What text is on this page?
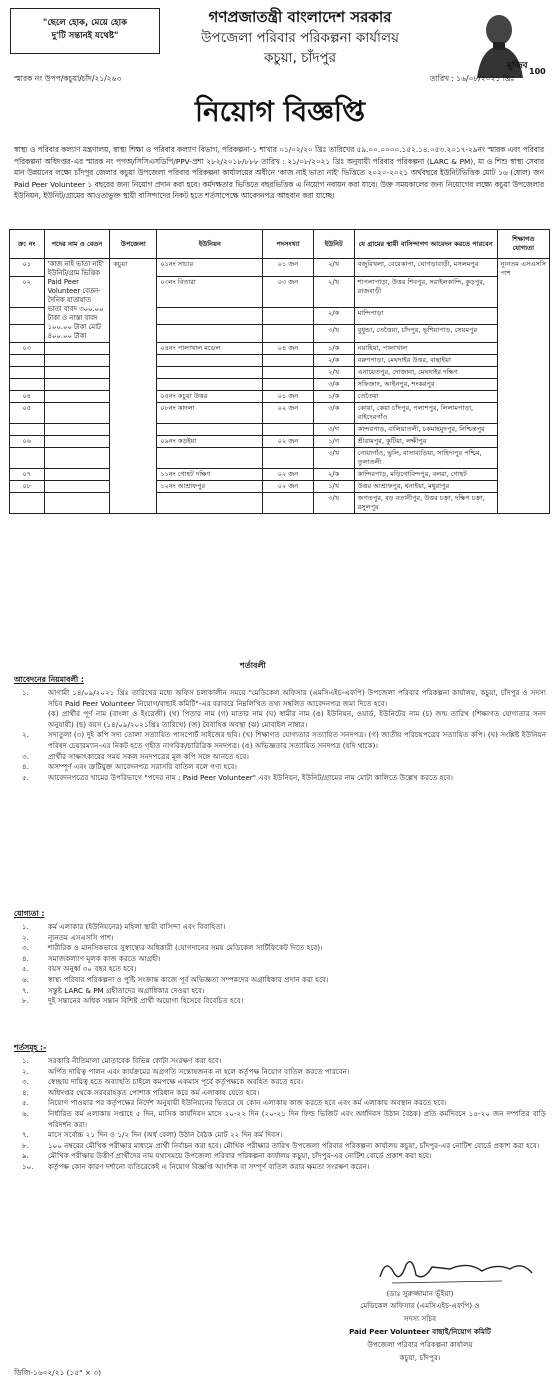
"ছেলে হোক, মেয়ে হোক
দু'টি সন্তানই যথেষ্ট"
গণপ্রজাতন্ত্রী বাংলাদেশ সরকার
উপজেলা পরিবার পরিকল্পনা কার্যালয়
কচুয়া, চাঁদপুর	মুজিব
100
স্মারক নং উপপ/কচুয়া/চাঁদ/২১/২৬৩	তারিখ : ১৬/০৮/২০২১ খ্রিঃ
নিয়োগ বিজ্ঞপ্তি
স্বাস্থ্য ও পরিবার কল্যাণ মন্ত্রণালয়, স্বাস্থ্য শিক্ষা ও পরিবার কল্যাণ বিভাগ, পরিকল্পনা-১ শাখার ০১/০২/২০ খ্রিঃ তারিখের ৫৯.০০.০০০০.১৫২.১৪.০৫৩.২০১৭-২৯নং স্মারক এবং পরিবার পরিকল্পনা অধিদপ্তর-এর স্মারক নং পপঅ/সিসিএসডিপি/PPV-প্রশা ২৮২/২০১৮/৮৮৮ তারিখ : ২১/০৮/২০২১ খ্রিঃ অনুযায়ী পরিবার পরিকল্পনা (LARC & PM), মা ও শিশু স্বাস্থ্য সেবার মান উন্নয়নের লক্ষ্যে চাঁদপুর জেলার কচুয়া উপজেলা পরিবার পরিকল্পনা কার্যালয়ের অধীনে 'কাজ নাই ভাতা নাই' ভিত্তিতে ২০২০-২০২১ অর্থবছরে ইউনিটভিত্তিক মোট ১৬ (ষোল) জন Paid Peer Volunteer ১ বছরের জন্য নিয়োগ প্রদান করা হবে। কর্মদক্ষতার ভিত্তিতে বছরভিত্তিক এ নিয়োগ নবায়ন করা যাবে। উক্ত সময়কালের জন্য নিয়োগের লক্ষ্যে কচুয়া উপজেলার ইউনিয়ন, ইউনিট/গ্রামের আওতাভুক্ত স্থায়ী বাসিন্দাদের নিকট হতে শর্তসাপেক্ষে আবেদনপত্র আহবান করা যাচ্ছে।
ক্র: নং	পদের নাম ও বেতন	উপজেলা	ইউনিয়ন	পদসংখ্যা	ইউনিট	যে গ্রামের স্থায়ী বাসিন্দাগণ আবেদন করতে পারবেন	শিক্ষাগত যোগ্যতা
০১	'কাজ নাই ভাতা নাই' ইউনিট/গ্রাম ভিত্তিক Paid Peer Volunteer বেতন-দৈনিক যাতায়াত ভাতা বাবদ ৩০০.০০ টাকা ও নাস্তা বাবদ ১০০.০০ টাকা মোট ৪০০.০০ টাকা	কচুয়া	০১নং সাচার	০১ জন	২/খ	বজুরিখলা, বেরেকাপা, ঘোগড়াবাড়ী, মসলমপুর	ন্যূনতম এসএসসি পাশ
০২			০৩নং বিতারা	০৩ জন	২/খ	শাপলাপাড়া, উত্তর শিবপুর, সরাইলকান্দি, কুড়পুর, রাজবাড়ী	
					২/ক	মান্দিপাড়া	
					৩/খ	বুধুন্ডা, তেত্তৈয়া, চাঁদপুর, ভূশিয়াপাড়, সেয়মপুর	
০৩			০৪নং পালাখাল মডেল	০৪ জন	১/ক	নয়াহিয়া, পালাখাল	
					২/ক	বরুণপাড়া, মেঘদাইর উত্তর, বাছাইয়া	
					২/খ	এনায়েতপুর, দোজানা, মেঘদাইর দক্ষিণ	
					৩/ক	সফিজাদ, আইনপুর, শংকরপুর	
০৪			০৫নং কচুয়া উত্তর	০১ জন	১/ক	তেতৈয়া	
০৫			০৮নং কাদলা	০২ জন	৩/ক	কোয়া, কেয়া চাঁদপুর, পলাশপুর, লিলামপাড়া, বাইদেরগাঁও	
					৩/গ	কান্দরপাড়, বালিয়াতলী, চকমাহমুদপুর, নিশ্চিন্তপুর	
০৬			০৯নং কড়ইয়া	০২ জন	১/গ	শ্রীরামপুর, কুটিয়া, লক্ষীপুর	
					৩/খ	নোয়াগাঁও, ভুলি, বাসাবাড়িয়া, সাহিদাপুর পশ্চিম, তুলাতলী	
০৭			১১নং গোহট দক্ষিণ	০২ জন	২/ক	কান্দিরপাড়, মড়িগোবিন্দপুর, বলরা, গোহট	
০৮			১২নং আশ্রাফপুর	০২ জন	১/খ	উত্তর আশ্রাফপুর, ঘনাইয়া, মধুরাপুর	
					৩/খ	জগতপুর, বড় বতানীপুর, উত্তর চক্রা, দক্ষিণ চক্রা, রসুলপুর	
শর্তাবলী
আবেদনের নিয়মাবলী :
১.	আগামী ১৪/০৯/২০২১ খ্রিঃ তারিখের মধ্যে অফিস চলাকালীন সময়ে "মেডিকেল অফিসার (এমসিএইচ-এফপি) উপজেলা পরিবার পরিকল্পনা কার্যালয়, কচুয়া, চাঁদপুর ও সদস্য সচিব Paid Peer Volunteer নিয়োগ/বাছাই কমিটি"-এর বরাবরে নিম্নলিখিত তথ্য সম্বলিত আবেদনপত্র জমা দিতে হবে।
(ক) প্রার্থীর পূর্ণ নাম (বাংলা ও ইংরেজী) (খ) পিতার নাম (গ) মাতার নাম (ঘ) স্বামীর নাম (ঙ) ইউনিয়ন, ওয়ার্ড, ইউনিটের নাম (চ) জন্ম তারিখ (শিক্ষাগত যোগ্যতার সনদ অনুযায়ী) (ছ) বয়স (১৪/০৯/২০২১খ্রিঃ তারিখে) (জ) বৈবাহিক অবস্থা (ঝ) মোবাইল নাম্বার।
২.	সদ্যতুলা (৩) দুই কপি সদ্য তোলা সত্যায়িত পাসপোর্ট সাইজের ছবি। (খ) শিক্ষাগত যোগ্যতার সত্যায়িত সনদপত্র। (গ) জাতীয় পরিচয়পত্রের সত্যায়িত কপি। (ঘ) সংশ্লিষ্ট ইউনিয়ন পরিষদ চেয়ারম্যান-এর নিকট হতে গৃহীত নাগরিক/চারিত্রিক সনদপত্র। (ঙ) অভিজ্ঞতার সত্যায়িত সনদপত্র (যদি থাকে)।
৩.	প্রার্থীর সাক্ষাৎকারের সময় সকল সনদপত্রের মূল কপি সঙ্গে আনতে হবে।
৪.	অসম্পূর্ণ এবং ত্রুটিযুক্ত আবেদনপত্র সরাসরি বাতিল বলে গণ্য হবে।
৫.	আবেদনপত্রের খামের উপরিভাগে "পদের নাম : Paid Peer Volunteer" এবং ইউনিয়ন, ইউনিট/গ্রামের নাম মোটা কালিতে উল্লেখ করতে হবে।
যোগ্যতা :
১.	কর্ম এলাকার (ইউনিয়নের) মহিলা স্থায়ী বাসিন্দা এবং বিবাহিতা।
২.	ন্যূনতম এসএসসি পাশ।
৩.	শারীরিক ও মানসিকভাবে সুস্বাস্থ্যের অধিকারী (যোগদানের সময় মেডিকেল সার্টিফিকেট দিতে হবে)।
৪.	সমাজকল্যাণ মূলক কাজ করতে আগ্রহী।
৫.	বয়স অনুর্ধ্ব ৩০ বছর হতে হবে।
৬.	স্বাস্থ্য পরিবার পরিকল্পনা ও পুষ্টি সংক্রান্ত কাজে পূর্ব অভিজ্ঞতা সম্পন্নদের অগ্রাধিকার প্রদান করা হবে।
৭.	সন্তুষ্ট LARC & PM গ্রহীতাদের অগ্রাধিকার দেওয়া হবে।
৮.	দুই সন্তানের অধিক সন্তান বিশিষ্ট প্রার্থী অযোগ্য হিসেবে বিবেচিত হবে।
শর্তসমূহ :-
১.	সরকারি নীতিমালা মোতাবেক বিভিন্ন কোটা সংরক্ষণ করা হবে।
২.	অর্পিত দায়িত্ব পালন এবং কার্যক্রমের অগ্রগতি সন্তোষজনক না হলে কর্তৃপক্ষ নিয়োগ বাতিল করতে পারবেন।
৩.	স্বেচ্ছায় দায়িত্ব হতে অব্যাহতি চাইলে কমপক্ষে একমাস পূর্বে কর্তৃপক্ষকে অবহিত করতে হবে।
৪.	অধিদপ্তর থেকে সরবরাহকৃত পোশাক পরিধান করে কর্ম এলাকায় যেতে হবে।
৫.	নিয়োগ পাওয়ার পর কর্তৃপক্ষের নির্দেশ অনুযায়ী ইউনিয়নের ভিতরে যে কোন এলাকায় কাজ করতে হবে এবং কর্ম এলাকায় অবস্থান করতে হবে।
৬.	নির্ধারিত কর্ম এলাকায় সপ্তাহে ৫ দিন, মাসিক কার্যদিবস মাসে ২০-২২ দিন (২০-২১ দিন ফিল্ড ভিজিট এবং অর্ধদিবস উঠান বৈঠক) প্রতি কর্মদিবসে ১৫-২০ জন দম্পতির বাড়ি পরিদর্শন করা।
৭.	মাসে সর্বোচ্চ ২১ দিন ও ১/২ দিন (অর্ধ বেলা) উঠান বৈঠক মোট ২২ দিন কর্ম দিবস।
৮.	১০০ নম্বরের মৌখিক পরীক্ষার মাধ্যমে প্রার্থী নির্বাচন করা হবে। মৌখিক পরীক্ষার তারিখ উপজেলা পরিবার পরিকল্পনা কার্যালয় কচুয়া, চাঁদপুর-এর নোটিশ বোর্ডে প্রকাশ করা হবে।
৯.	মৌখিক পরীক্ষায় উত্তীর্ণ প্রার্থীদের নাম যথাসময়ে উপজেলা পরিবার পরিকল্পনা কার্যালয় কচুয়া, চাঁদপুর-এর নোটিশ বোর্ডে প্রকাশ করা হবে।
১০.	কর্তৃপক্ষ কোন কারণ দর্শানো ব্যতিরেকেই এ নিয়োগ বিজ্ঞপ্তি আংশিক বা সম্পূর্ণ বাতিল করার ক্ষমতা সংরক্ষণ করেন।
(ডাঃ সুরুজ্জামান ভূঁইয়া)
মেডিকেল অফিসার (এমসিএইচ-এফপি) ও
সদস্য সচিব
Paid Peer Volunteer বাছাই/নিয়োগ কমিটি
উপজেলা পরিবার পরিকল্পনা কার্যালয়
কচুয়া, চাঁদপুর।
ডিজি-১৬০২/২১ (১৫" × ৩)
